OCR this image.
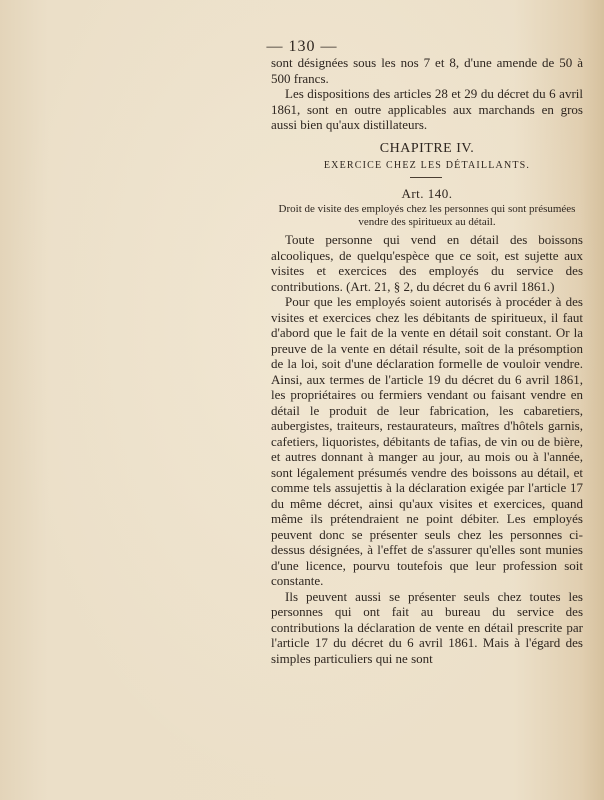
— 130 —

sont désignées sous les nos 7 et 8, d'une amende de 50 à 500 francs.

Les dispositions des articles 28 et 29 du décret du 6 avril 1861, sont en outre applicables aux marchands en gros aussi bien qu'aux distillateurs.

CHAPITRE IV.
EXERCICE CHEZ LES DÉTAILLANTS.
Art. 140.
Droit de visite des employés chez les personnes qui sont présumées vendre des spiritueux au détail.

Toute personne qui vend en détail des boissons alcooliques, de quelqu'espèce que ce soit, est sujette aux visites et exercices des employés du service des contributions. (Art. 21, § 2, du décret du 6 avril 1861.)

Pour que les employés soient autorisés à procéder à des visites et exercices chez les débitants de spiritueux, il faut d'abord que le fait de la vente en détail soit constant. Or la preuve de la vente en détail résulte, soit de la présomption de la loi, soit d'une déclaration formelle de vouloir vendre. Ainsi, aux termes de l'article 19 du décret du 6 avril 1861, les propriétaires ou fermiers vendant ou faisant vendre en détail le produit de leur fabrication, les cabaretiers, aubergistes, traiteurs, restaurateurs, maîtres d'hôtels garnis, cafetiers, liquoristes, débitants de tafias, de vin ou de bière, et autres donnant à manger au jour, au mois ou à l'année, sont légalement présumés vendre des boissons au détail, et comme tels assujettis à la déclaration exigée par l'article 17 du même décret, ainsi qu'aux visites et exercices, quand même ils prétendraient ne point débiter. Les employés peuvent donc se présenter seuls chez les personnes ci-dessus désignées, à l'effet de s'assurer qu'elles sont munies d'une licence, pourvu toutefois que leur profession soit constante.

Ils peuvent aussi se présenter seuls chez toutes les personnes qui ont fait au bureau du service des contributions la déclaration de vente en détail prescrite par l'article 17 du décret du 6 avril 1861. Mais à l'égard des simples particuliers qui ne sont
